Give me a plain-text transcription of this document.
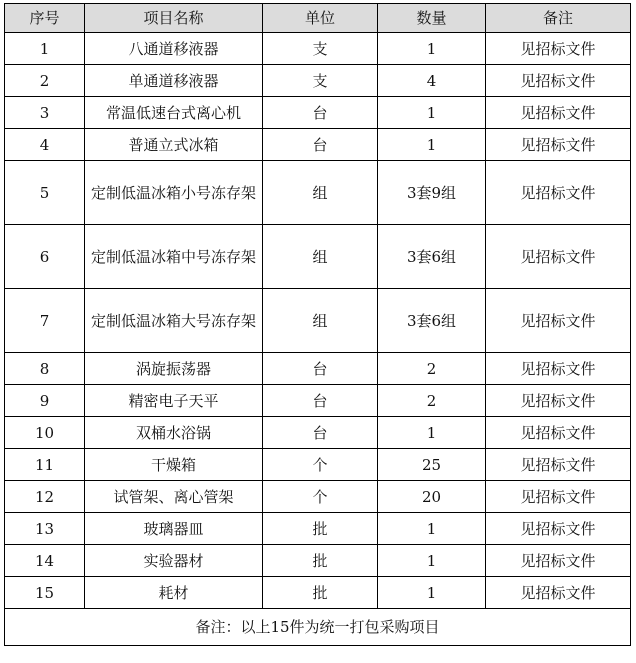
序号	项目名称	单位	数量	备注
1	八通道移液器	支	1	见招标文件
2	单通道移液器	支	4	见招标文件
3	常温低速台式离心机	台	1	见招标文件
4	普通立式冰箱	台	1	见招标文件
5	定制低温冰箱小号冻存架	组	3套9组	见招标文件
6	定制低温冰箱中号冻存架	组	3套6组	见招标文件
7	定制低温冰箱大号冻存架	组	3套6组	见招标文件
8	涡旋振荡器	台	2	见招标文件
9	精密电子天平	台	2	见招标文件
10	双桶水浴锅	台	1	见招标文件
11	干燥箱	个	25	见招标文件
12	试管架、离心管架	个	20	见招标文件
13	玻璃器皿	批	1	见招标文件
14	实验器材	批	1	见招标文件
15	耗材	批	1	见招标文件
备注：以上15件为统一打包采购项目				
